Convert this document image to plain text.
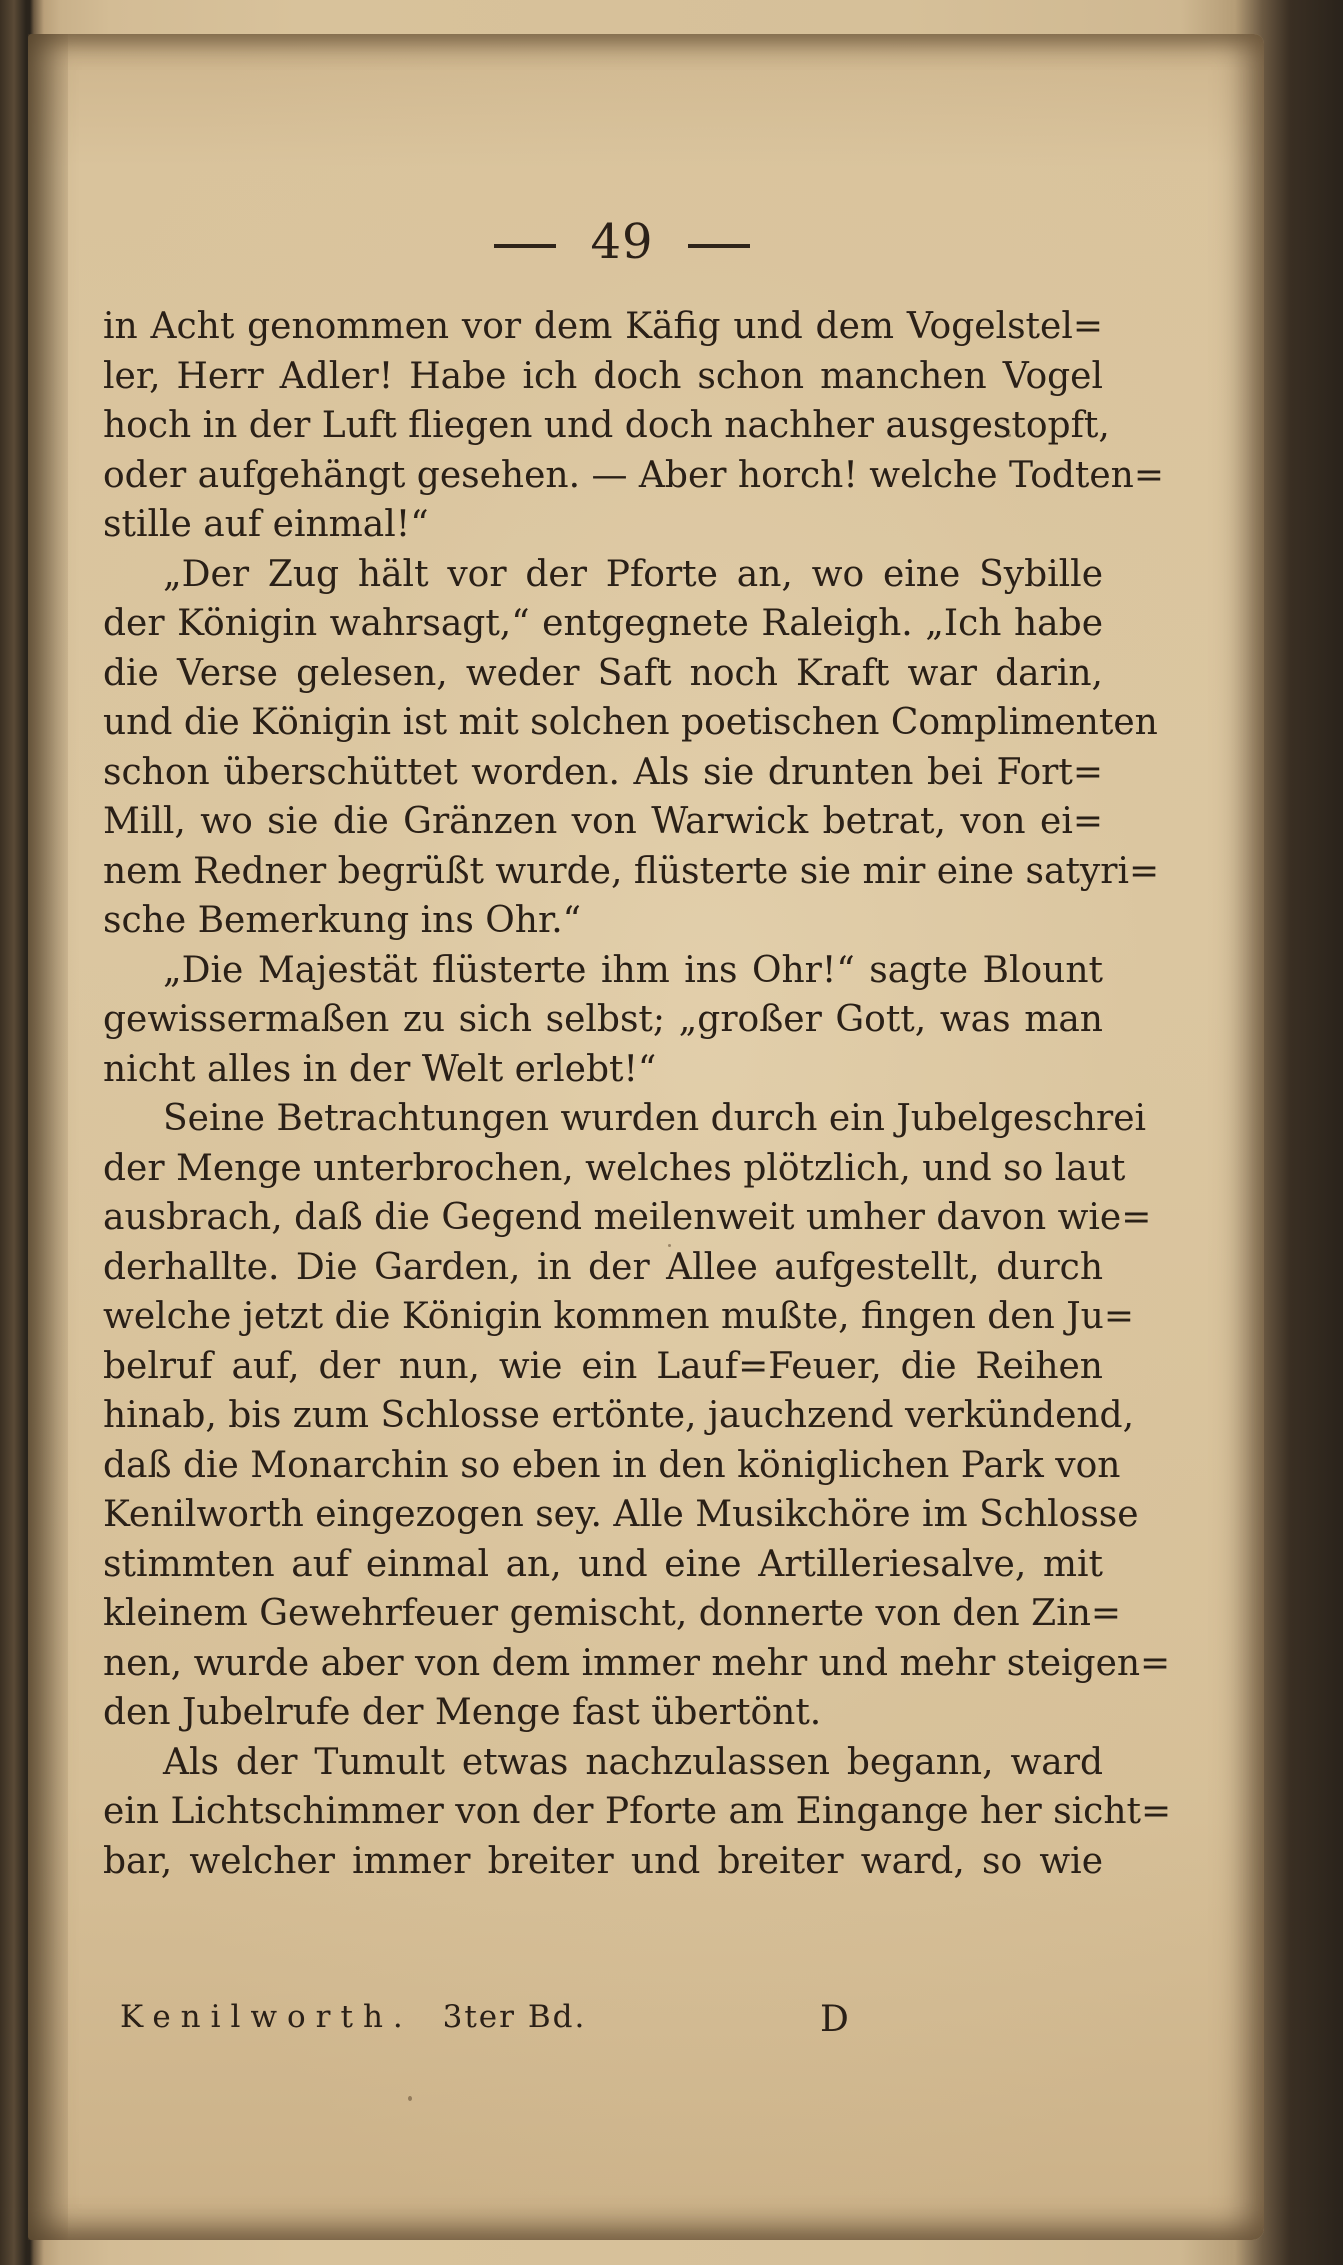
49
in Acht genommen vor dem Käfig und dem Vogelstel=
ler, Herr Adler! Habe ich doch schon manchen Vogel
hoch in der Luft fliegen und doch nachher ausgestopft,
oder aufgehängt gesehen. — Aber horch! welche Todten=
stille auf einmal!“
„Der Zug hält vor der Pforte an, wo eine Sybille
der Königin wahrsagt,“ entgegnete Raleigh. „Ich habe
die Verse gelesen, weder Saft noch Kraft war darin,
und die Königin ist mit solchen poetischen Complimenten
schon überschüttet worden. Als sie drunten bei Fort=
Mill, wo sie die Gränzen von Warwick betrat, von ei=
nem Redner begrüßt wurde, flüsterte sie mir eine satyri=
sche Bemerkung ins Ohr.“
„Die Majestät flüsterte ihm ins Ohr!“ sagte Blount
gewissermaßen zu sich selbst; „großer Gott, was man
nicht alles in der Welt erlebt!“
Seine Betrachtungen wurden durch ein Jubelgeschrei
der Menge unterbrochen, welches plötzlich, und so laut
ausbrach, daß die Gegend meilenweit umher davon wie=
derhallte. Die Garden, in der Allee aufgestellt, durch
welche jetzt die Königin kommen mußte, fingen den Ju=
belruf auf, der nun, wie ein Lauf=Feuer, die Reihen
hinab, bis zum Schlosse ertönte, jauchzend verkündend,
daß die Monarchin so eben in den königlichen Park von
Kenilworth eingezogen sey. Alle Musikchöre im Schlosse
stimmten auf einmal an, und eine Artilleriesalve, mit
kleinem Gewehrfeuer gemischt, donnerte von den Zin=
nen, wurde aber von dem immer mehr und mehr steigen=
den Jubelrufe der Menge fast übertönt.
Als der Tumult etwas nachzulassen begann, ward
ein Lichtschimmer von der Pforte am Eingange her sicht=
bar, welcher immer breiter und breiter ward, so wie
Kenilworth. 3ter Bd.	D
